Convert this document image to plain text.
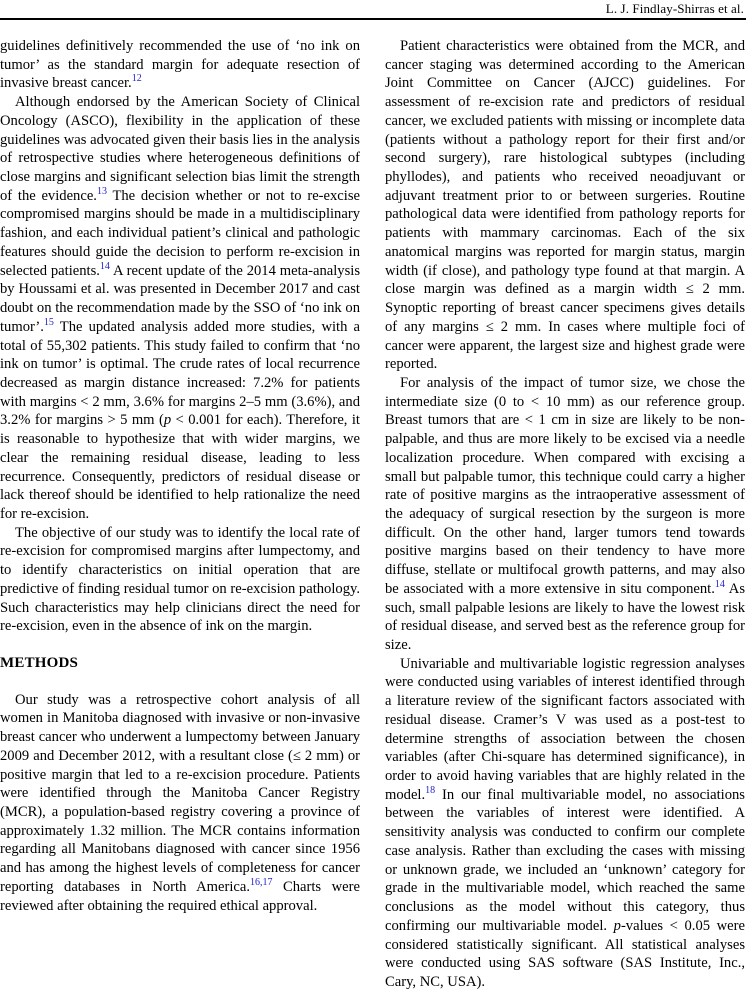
L. J. Findlay-Shirras et al.

guidelines definitively recommended the use of ‘no ink on tumor’ as the standard margin for adequate resection of invasive breast cancer.$^{12}$

Although endorsed by the American Society of Clinical Oncology (ASCO), flexibility in the application of these guidelines was advocated given their basis lies in the analysis of retrospective studies where heterogeneous definitions of close margins and significant selection bias limit the strength of the evidence.$^{13}$ The decision whether or not to re-excise compromised margins should be made in a multidisciplinary fashion, and each individual patient’s clinical and pathologic features should guide the decision to perform re-excision in selected patients.$^{14}$ A recent update of the 2014 meta-analysis by Houssami et al. was presented in December 2017 and cast doubt on the recommendation made by the SSO of ‘no ink on tumor’.$^{15}$ The updated analysis added more studies, with a total of 55,302 patients. This study failed to confirm that ‘no ink on tumor’ is optimal. The crude rates of local recurrence decreased as margin distance increased: 7.2% for patients with margins < 2 mm, 3.6% for margins 2–5 mm (3.6%), and 3.2% for margins > 5 mm (p < 0.001 for each). Therefore, it is reasonable to hypothesize that with wider margins, we clear the remaining residual disease, leading to less recurrence. Consequently, predictors of residual disease or lack thereof should be identified to help rationalize the need for re-excision.

The objective of our study was to identify the local rate of re-excision for compromised margins after lumpectomy, and to identify characteristics on initial operation that are predictive of finding residual tumor on re-excision pathology. Such characteristics may help clinicians direct the need for re-excision, even in the absence of ink on the margin.

METHODS

Our study was a retrospective cohort analysis of all women in Manitoba diagnosed with invasive or non-invasive breast cancer who underwent a lumpectomy between January 2009 and December 2012, with a resultant close (≤ 2 mm) or positive margin that led to a re-excision procedure. Patients were identified through the Manitoba Cancer Registry (MCR), a population-based registry covering a province of approximately 1.32 million. The MCR contains information regarding all Manitobans diagnosed with cancer since 1956 and has among the highest levels of completeness for cancer reporting databases in North America.$^{16,17}$ Charts were reviewed after obtaining the required ethical approval.

Patient characteristics were obtained from the MCR, and cancer staging was determined according to the American Joint Committee on Cancer (AJCC) guidelines. For assessment of re-excision rate and predictors of residual cancer, we excluded patients with missing or incomplete data (patients without a pathology report for their first and/or second surgery), rare histological subtypes (including phyllodes), and patients who received neoadjuvant or adjuvant treatment prior to or between surgeries. Routine pathological data were identified from pathology reports for patients with mammary carcinomas. Each of the six anatomical margins was reported for margin status, margin width (if close), and pathology type found at that margin. A close margin was defined as a margin width ≤ 2 mm. Synoptic reporting of breast cancer specimens gives details of any margins ≤ 2 mm. In cases where multiple foci of cancer were apparent, the largest size and highest grade were reported.

For analysis of the impact of tumor size, we chose the intermediate size (0 to < 10 mm) as our reference group. Breast tumors that are < 1 cm in size are likely to be non-palpable, and thus are more likely to be excised via a needle localization procedure. When compared with excising a small but palpable tumor, this technique could carry a higher rate of positive margins as the intraoperative assessment of the adequacy of surgical resection by the surgeon is more difficult. On the other hand, larger tumors tend towards positive margins based on their tendency to have more diffuse, stellate or multifocal growth patterns, and may also be associated with a more extensive in situ component.$^{14}$ As such, small palpable lesions are likely to have the lowest risk of residual disease, and served best as the reference group for size.

Univariable and multivariable logistic regression analyses were conducted using variables of interest identified through a literature review of the significant factors associated with residual disease. Cramer’s V was used as a post-test to determine strengths of association between the chosen variables (after Chi-square has determined significance), in order to avoid having variables that are highly related in the model.$^{18}$ In our final multivariable model, no associations between the variables of interest were identified. A sensitivity analysis was conducted to confirm our complete case analysis. Rather than excluding the cases with missing or unknown grade, we included an ‘unknown’ category for grade in the multivariable model, which reached the same conclusions as the model without this category, thus confirming our multivariable model. p-values < 0.05 were considered statistically significant. All statistical analyses were conducted using SAS software (SAS Institute, Inc., Cary, NC, USA).
